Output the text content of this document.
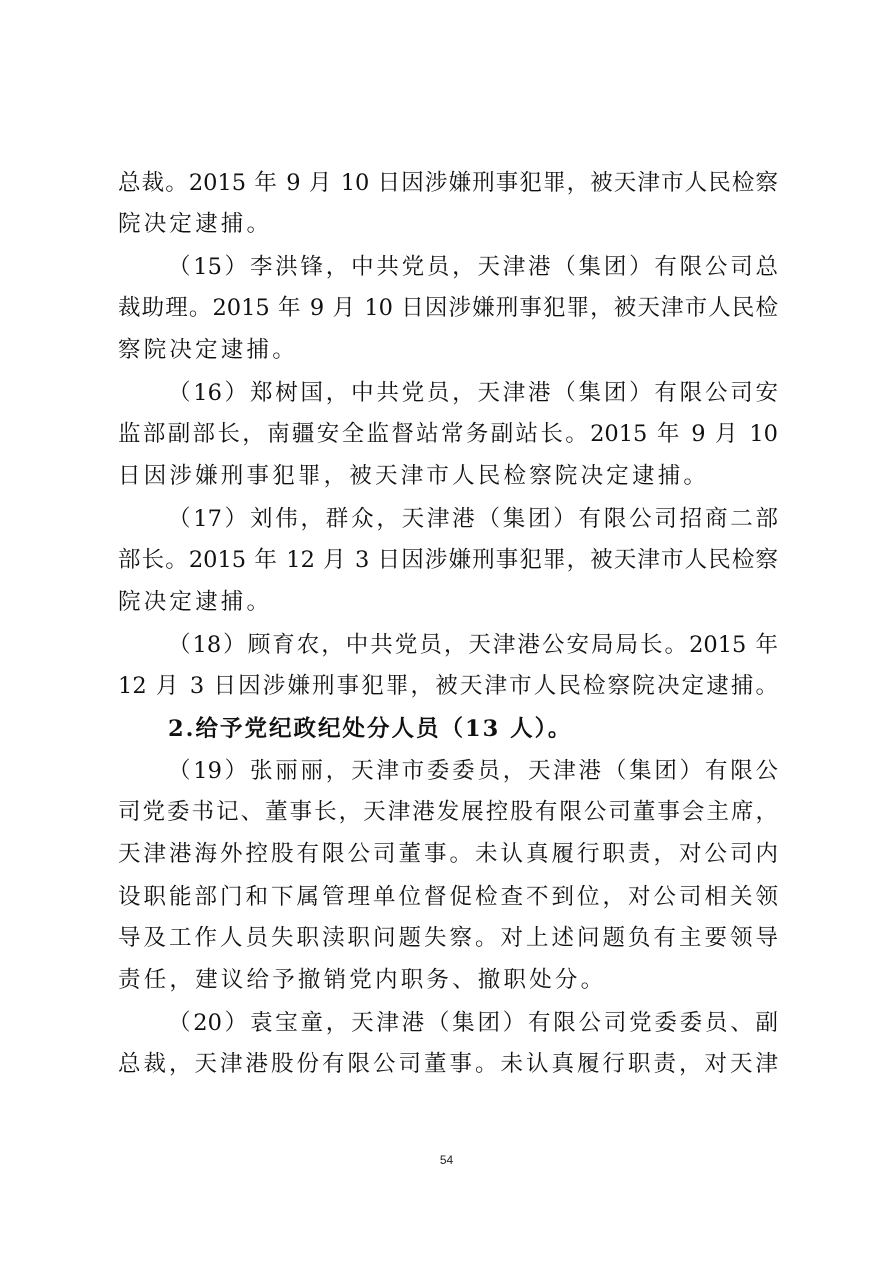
总裁。2015 年 9 月 10 日因涉嫌刑事犯罪，被天津市人民检察
院决定逮捕。
（15）李洪锋，中共党员，天津港（集团）有限公司总
裁助理。2015 年 9 月 10 日因涉嫌刑事犯罪，被天津市人民检
察院决定逮捕。
（16）郑树国，中共党员，天津港（集团）有限公司安
监部副部长，南疆安全监督站常务副站长。2015 年 9 月 10
日因涉嫌刑事犯罪，被天津市人民检察院决定逮捕。
（17）刘伟，群众，天津港（集团）有限公司招商二部
部长。2015 年 12 月 3 日因涉嫌刑事犯罪，被天津市人民检察
院决定逮捕。
（18）顾育农，中共党员，天津港公安局局长。2015 年
12 月 3 日因涉嫌刑事犯罪，被天津市人民检察院决定逮捕。
2.给予党纪政纪处分人员（13 人）。
（19）张丽丽，天津市委委员，天津港（集团）有限公
司党委书记、董事长，天津港发展控股有限公司董事会主席，
天津港海外控股有限公司董事。未认真履行职责，对公司内
设职能部门和下属管理单位督促检查不到位，对公司相关领
导及工作人员失职渎职问题失察。对上述问题负有主要领导
责任，建议给予撤销党内职务、撤职处分。
（20）袁宝童，天津港（集团）有限公司党委委员、副
总裁，天津港股份有限公司董事。未认真履行职责，对天津
54
